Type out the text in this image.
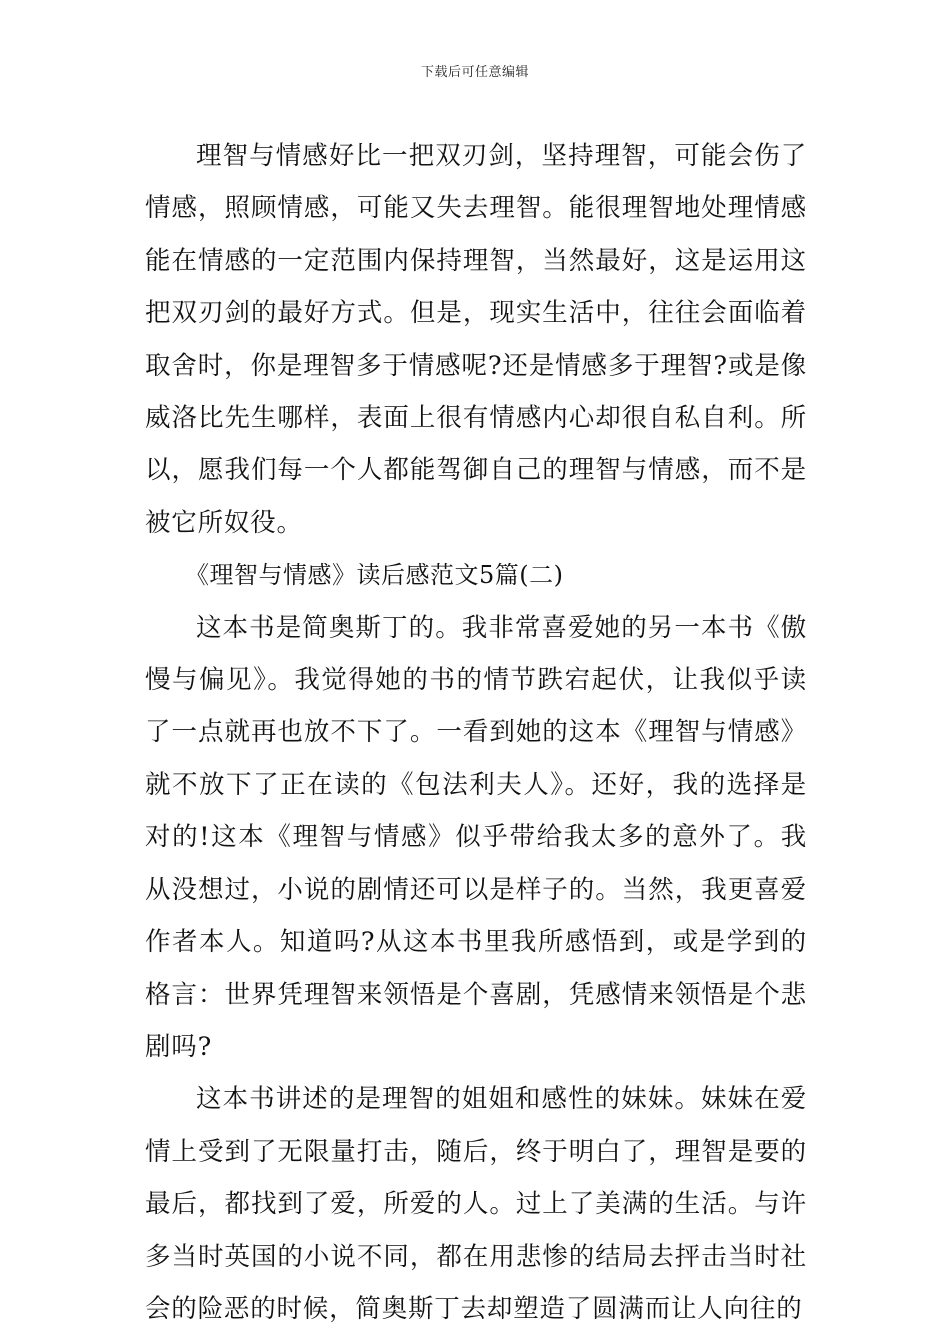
下载后可任意编辑

理智与情感好比一把双刃剑，坚持理智，可能会伤了情感，照顾情感，可能又失去理智。能很理智地处理情感能在情感的一定范围内保持理智，当然最好，这是运用这把双刃剑的最好方式。但是，现实生活中，往往会面临着取舍时，你是理智多于情感呢?还是情感多于理智?或是像威洛比先生哪样，表面上很有情感内心却很自私自利。所以，愿我们每一个人都能驾御自己的理智与情感，而不是被它所奴役。

《理智与情感》读后感范文5篇(二)

这本书是简奥斯丁的。我非常喜爱她的另一本书《傲慢与偏见》。我觉得她的书的情节跌宕起伏，让我似乎读了一点就再也放不下了。一看到她的这本《理智与情感》就不放下了正在读的《包法利夫人》。还好，我的选择是对的!这本《理智与情感》似乎带给我太多的意外了。我从没想过，小说的剧情还可以是样子的。当然，我更喜爱作者本人。知道吗?从这本书里我所感悟到，或是学到的格言：世界凭理智来领悟是个喜剧，凭感情来领悟是个悲剧吗?

这本书讲述的是理智的姐姐和感性的妹妹。妹妹在爱情上受到了无限量打击，随后，终于明白了，理智是要的最后，都找到了爱，所爱的人。过上了美满的生活。与许多当时英国的小说不同，都在用悲惨的结局去抨击当时社会的险恶的时候，简奥斯丁去却塑造了圆满而让人向往的
